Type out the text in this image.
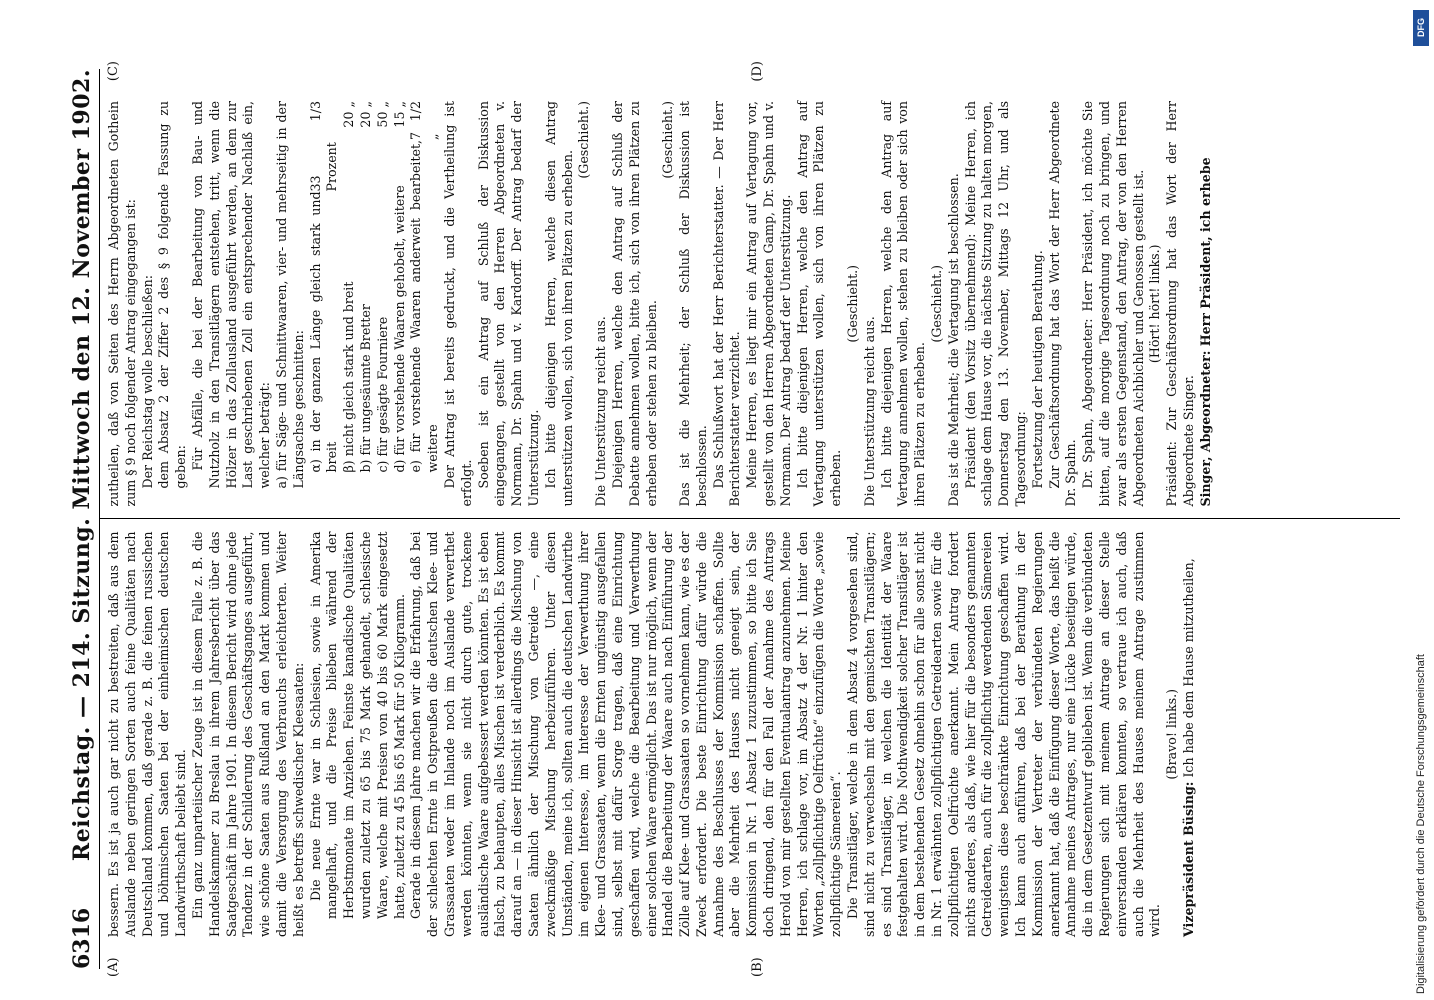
6316
Reichstag. — 214. Sitzung. Mittwoch den 12. November 1902.
(A)	(B)

bessern. Es ist ja auch gar nicht zu bestreiten, daß aus dem Auslande neben geringen Sorten auch feine Qualitäten nach Deutschland kommen, daß gerade z. B. die feinen russischen und böhmischen Saaten bei der einheimischen deutschen Landwirthschaft beliebt sind. Ein ganz unparteiischer Zeuge ist in diesem Falle z. B. die Handelskammer zu Breslau in ihrem Jahresbericht über das Saatgeschäft im Jahre 1901. In diesem Bericht wird ohne jede Tendenz in der Schilderung des Geschäftsganges ausgeführt, wie schöne Saaten aus Rußland an den Markt kommen und damit die Versorgung des Verbrauchs erleichterten. Weiter heißt es betreffs schwedischer Kleesaaten: Die neue Ernte war in Schlesien, sowie in Amerika mangelhaft, und die Preise blieben während der Herbstmonate im Anziehen. Feinste kanadische Qualitäten wurden zuletzt zu 65 bis 75 Mark gehandelt, schlesische Waare, welche mit Preisen von 40 bis 60 Mark eingesetzt hatte, zuletzt zu 45 bis 65 Mark für 50 Kilogramm. Gerade in diesem Jahre machen wir die Erfahrung, daß bei der schlechten Ernte in Ostpreußen die deutschen Klee- und Grassaaten weder im Inlande noch im Auslande verwerthet werden könnten, wenn sie nicht durch gute, trockene ausländische Waare aufgebessert werden könnten. Es ist eben falsch, zu behaupten, alles Mischen ist verderblich. Es kommt darauf an — in dieser Hinsicht ist allerdings die Mischung von Saaten ähnlich der Mischung von Getreide —, eine zweckmäßige Mischung herbeizuführen. Unter diesen Umständen, meine ich, sollten auch die deutschen Landwirthe im eigenen Interesse, im Interesse der Verwerthung ihrer Klee- und Grassaaten, wenn die Ernten ungünstig ausgefallen sind, selbst mit dafür Sorge tragen, daß eine Einrichtung geschaffen wird, welche die Bearbeitung und Verwerthung einer solchen Waare ermöglicht. Das ist nur möglich, wenn der Handel die Bearbeitung der Waare auch nach Einführung der Zölle auf Klee- und Grassaaten so vornehmen kann, wie es der Zweck erfordert. Die beste Einrichtung dafür würde die Annahme des Beschlusses der Kommission schaffen. Sollte aber die Mehrheit des Hauses nicht geneigt sein, der Kommission in Nr. 1 Absatz 1 zuzustimmen, so bitte ich Sie doch dringend, den für den Fall der Annahme des Antrags Herold von mir gestellten Eventualantrag anzunehmen. Meine Herren, ich schlage vor, im Absatz 4 der Nr. 1 hinter den Worten „zollpflichtige Oelfrüchte“ einzufügen die Worte „sowie zollpflichtige Sämereien“. Die Transitläger, welche in dem Absatz 4 vorgesehen sind, sind nicht zu verwechseln mit den gemischten Transitlägern; es sind Transitläger, in welchen die Identität der Waare festgehalten wird. Die Nothwendigkeit solcher Transitläger ist in dem bestehenden Gesetz ohnehin schon für alle sonst nicht in Nr. 1 erwähnten zollpflichtigen Getreidearten sowie für die zollpflichtigen Oelfrüchte anerkannt. Mein Antrag fordert nichts anderes, als daß, wie hier für die besonders genannten Getreidearten, auch für die zollpflichtig werdenden Sämereien wenigstens diese beschränkte Einrichtung geschaffen wird. Ich kann auch anführen, daß bei der Berathung in der Kommission der Vertreter der verbündeten Regierungen anerkannt hat, daß die Einfügung dieser Worte, das heißt die Annahme meines Antrages, nur eine Lücke beseitigen würde, die in dem Gesetzentwurf geblieben ist. Wenn die verbündeten Regierungen sich mit meinem Antrage an dieser Stelle einverstanden erklären konnten, so vertraue ich auch, daß auch die Mehrheit des Hauses meinem Antrage zustimmen wird.

(Bravo! links.)

Vizepräsident Büsing: Ich habe dem Hause mitzutheilen,

(C)	(D)

zutheilen, daß von Seiten des Herrn Abgeordneten Gothein zum § 9 noch folgender Antrag eingegangen ist: Der Reichstag wolle beschließen: dem Absatz 2 der Ziffer 2 des § 9 folgende Fassung zu geben: Für Abfälle, die bei der Bearbeitung von Bau- und Nutzholz in den Transitlägern entstehen, tritt, wenn die Hölzer in das Zollausland ausgeführt werden, an dem zur Last geschriebenen Zoll ein entsprechender Nachlaß ein, welcher beträgt: a) für Säge- und Schnittwaaren, vier- und mehrseitig in der Längsachse geschnitten: α) in der ganzen Länge gleich stark und breit
33 1/3 Prozent
β) nicht gleich stark und breit
20 „
b) für ungesäumte Bretter
20 „
c) für gesägte Fourniere
50 „
d) für vorstehende Waaren gehobelt, weitere
15 „
e) für vorstehende Waaren anderweit bearbeitet, weitere
7 1/2 „ Der Antrag ist bereits gedruckt, und die Vertheilung ist erfolgt. Soeben ist ein Antrag auf Schluß der Diskussion eingegangen, gestellt von den Herren Abgeordneten v. Normann, Dr. Spahn und v. Kardorff. Der Antrag bedarf der Unterstützung. Ich bitte diejenigen Herren, welche diesen Antrag unterstützen wollen, sich von ihren Plätzen zu erheben.

(Geschieht.)

Die Unterstützung reicht aus. Diejenigen Herren, welche den Antrag auf Schluß der Debatte annehmen wollen, bitte ich, sich von ihren Plätzen zu erheben oder stehen zu bleiben.

(Geschieht.) Das ist die Mehrheit; der Schluß der Diskussion ist beschlossen. Das Schlußwort hat der Herr Berichterstatter. — Der Herr Berichterstatter verzichtet. Meine Herren, es liegt mir ein Antrag auf Vertagung vor, gestellt von den Herren Abgeordneten Gamp, Dr. Spahn und v. Normann. Der Antrag bedarf der Unterstützung. Ich bitte diejenigen Herren, welche den Antrag auf Vertagung unterstützen wollen, sich von ihren Plätzen zu erheben.

(Geschieht.)

Die Unterstützung reicht aus. Ich bitte diejenigen Herren, welche den Antrag auf Vertagung annehmen wollen, stehen zu bleiben oder sich von ihren Plätzen zu erheben.

(Geschieht.) Das ist die Mehrheit; die Vertagung ist beschlossen. Präsident (den Vorsitz übernehmend): Meine Herren, ich schlage dem Hause vor, die nächste Sitzung zu halten morgen, Donnerstag den 13. November, Mittags 12 Uhr, und als Tagesordnung: Fortsetzung der heutigen Berathung. Zur Geschäftsordnung hat das Wort der Herr Abgeordnete Dr. Spahn. Dr. Spahn, Abgeordneter: Herr Präsident, ich möchte Sie bitten, auf die morgige Tagesordnung noch zu bringen, und zwar als ersten Gegenstand, den Antrag, der von den Herren Abgeordneten Aichbichler und Genossen gestellt ist. (Hört! hört! links.) Präsident: Zur Geschäftsordnung hat das Wort der Herr Abgeordnete Singer. Singer, Abgeordneter: Herr Präsident, ich erhebe

Digitalisierung gefördert durch die Deutsche Forschungsgemeinschaft
DFG
